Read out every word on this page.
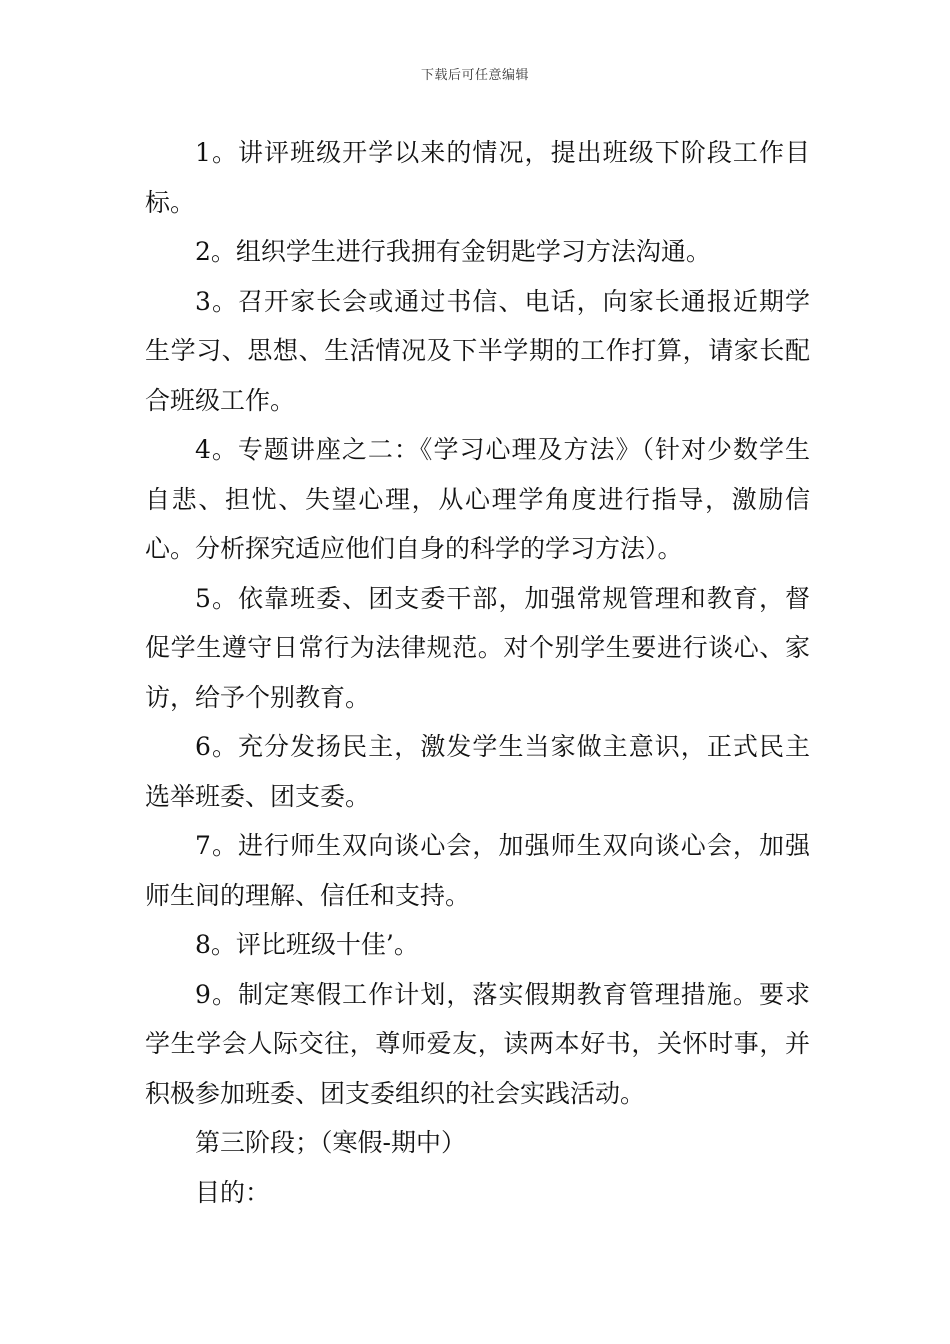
下载后可任意编辑

1。讲评班级开学以来的情况，提出班级下阶段工作目标。

2。组织学生进行我拥有金钥匙学习方法沟通。

3。召开家长会或通过书信、电话，向家长通报近期学生学习、思想、生活情况及下半学期的工作打算，请家长配合班级工作。

4。专题讲座之二：《学习心理及方法》（针对少数学生自悲、担忧、失望心理，从心理学角度进行指导，激励信心。分析探究适应他们自身的科学的学习方法）。

5。依靠班委、团支委干部，加强常规管理和教育，督促学生遵守日常行为法律规范。对个别学生要进行谈心、家访，给予个别教育。

6。充分发扬民主，激发学生当家做主意识，正式民主选举班委、团支委。

7。进行师生双向谈心会，加强师生双向谈心会，加强师生间的理解、信任和支持。

8。评比班级十佳’。

9。制定寒假工作计划，落实假期教育管理措施。要求学生学会人际交往，尊师爱友，读两本好书，关怀时事，并积极参加班委、团支委组织的社会实践活动。

第三阶段；（寒假-期中）

目的：
